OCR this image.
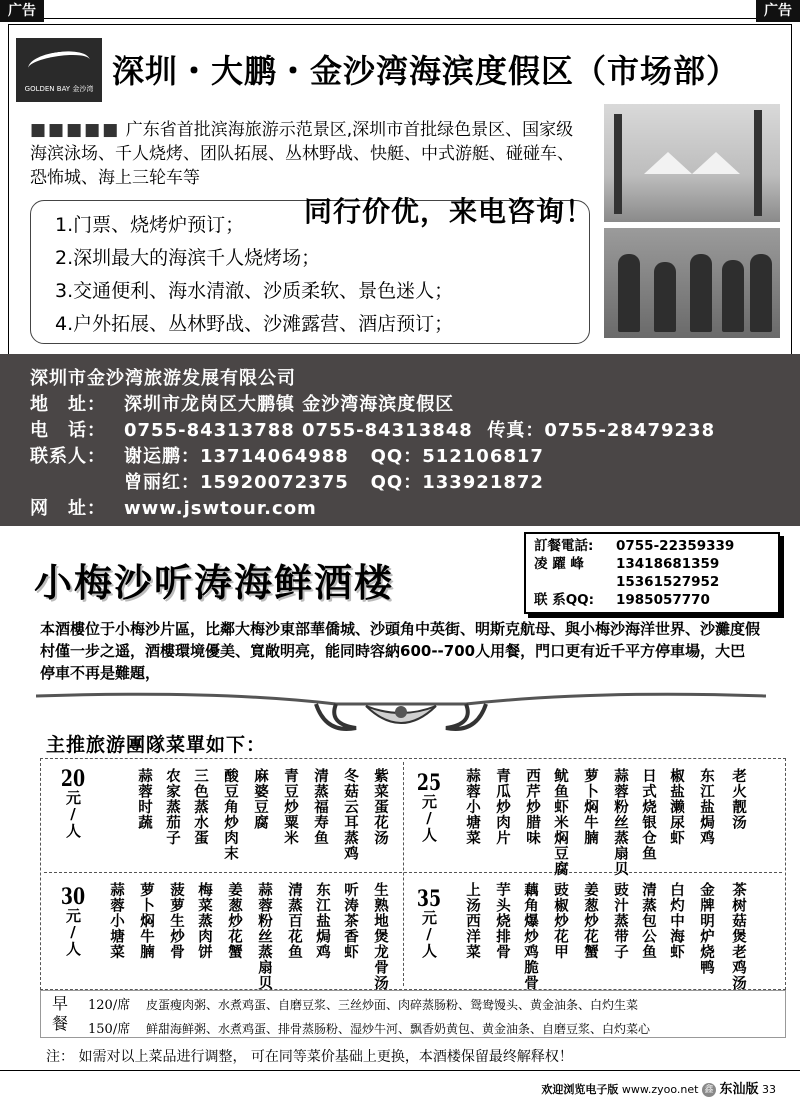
广告	广告
GOLDEN BAY 金沙湾 深圳・大鹏・金沙湾海滨度假区（市场部）
■■■■■ 广东省首批滨海旅游示范景区,深圳市首批绿色景区、国家级海滨泳场、千人烧烤、团队拓展、丛林野战、快艇、中式游艇、碰碰车、恐怖城、海上三轮车等
1.门票、烧烤炉预订；
2.深圳最大的海滨千人烧烤场；
3.交通便利、海水清澈、沙质柔软、景色迷人；
4.户外拓展、丛林野战、沙滩露营、酒店预订；
同行价优，来电咨询！
深圳市金沙湾旅游发展有限公司
地　址： 深圳市龙岗区大鹏镇 金沙湾海滨度假区
电　话： 0755-84313788 0755-84313848 传真：0755-28479238
联系人： 谢运鹏：13714064988 QQ：512106817
曾丽红：15920072375 QQ：133921872
网　址： www.jswtour.com
小梅沙听涛海鲜酒楼
訂餐電話: 0755-22359339
凌 躍 峰 13418681359
15361527952
联 系QQ: 1985057770
本酒樓位于小梅沙片區，比鄰大梅沙東部華僑城、沙頭角中英街、明斯克航母、與小梅沙海洋世界、沙灘度假村僅一步之遥，酒樓環境優美、寬敞明亮，能同時容納600--700人用餐，門口更有近千平方停車場，大巴停車不再是難題，
主推旅游團隊菜單如下：
20元/人	蒜蓉时蔬 农家蒸茄子 三色蒸水蛋 酸豆角炒肉末 麻婆豆腐 青豆炒粟米 清蒸福寿鱼 冬菇云耳蒸鸡 紫菜蛋花汤 25元/人 蒜蓉小塘菜 青瓜炒肉片 西芹炒腊味 鱿鱼虾米焖豆腐 萝卜焖牛腩 蒜蓉粉丝蒸扇贝 日式烧银仓鱼 椒盐濑尿虾 东江盐焗鸡 老火靓汤
30元/人 蒜蓉小塘菜 萝卜焖牛腩 菠萝生炒骨 梅菜蒸肉饼 姜葱炒花蟹 蒜蓉粉丝蒸扇贝 清蒸百花鱼 东江盐焗鸡 听涛茶香虾 生熟地煲龙骨汤 35元/人 上汤西洋菜 芋头烧排骨 藕角爆炒鸡脆骨 豉椒炒花甲 姜葱炒花蟹 豉汁蒸带子 清蒸包公鱼 白灼中海虾 金牌明炉烧鸭 茶树菇煲老鸡汤
早餐
120/席 皮蛋瘦肉粥、水煮鸡蛋、自磨豆浆、三丝炒面、肉碎蒸肠粉、鸳鸯馒头、黄金油条、白灼生菜
150/席 鲜甜海鲜粥、水煮鸡蛋、排骨蒸肠粉、湿炒牛河、飘香奶黄包、黄金油条、自磨豆浆、白灼菜心
注： 如需对以上菜品进行调整， 可在同等菜价基础上更换，本酒楼保留最终解释权！
欢迎浏览电子版 www.zyoo.net 鑫 东汕版 33
